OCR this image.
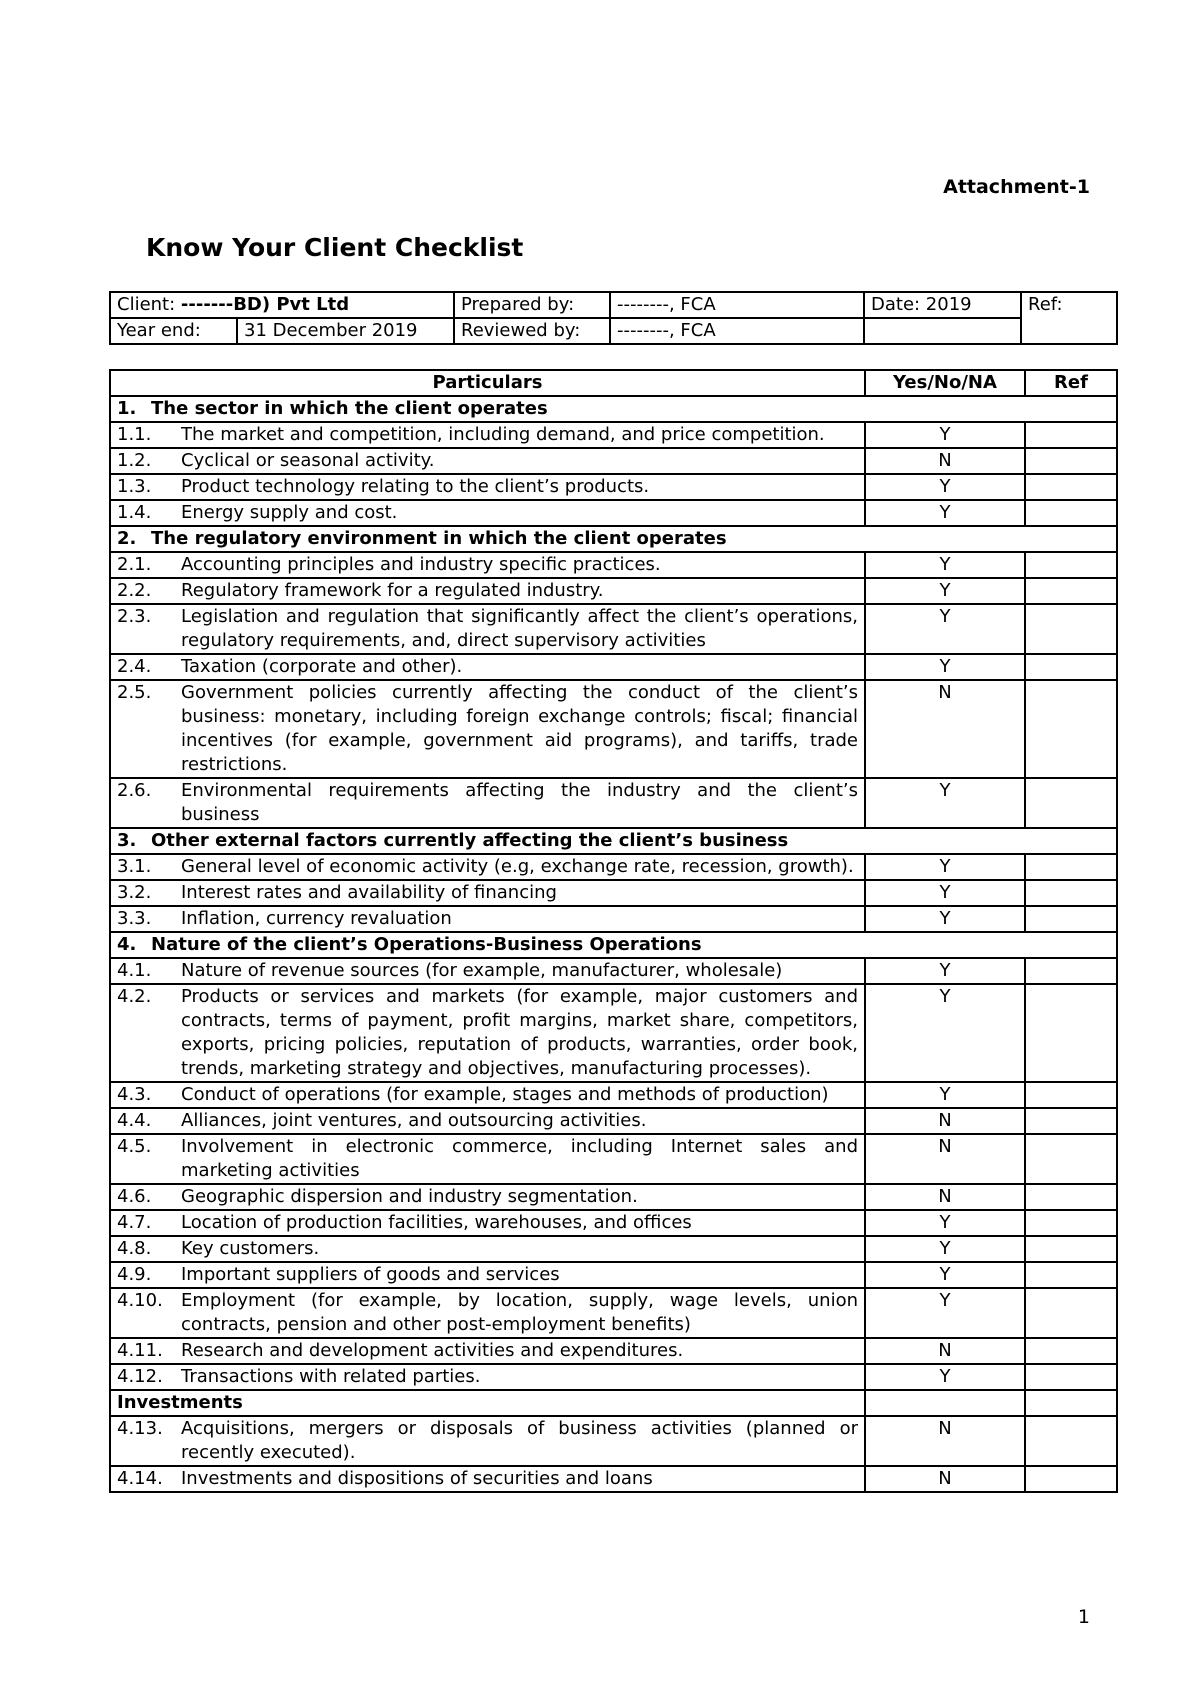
Attachment-1
Know Your Client Checklist
Client: -------BD) Pvt Ltd		Prepared by:	--------, FCA	Date: 2019	Ref:
Year end:	31 December 2019	Reviewed by:	--------, FCA		
Particulars	Yes/No/NA	Ref
1. The sector in which the client operates		

1.1. The market and competition, including demand, and price competition.	Y	

1.2. Cyclical or seasonal activity.	N	

1.3. Product technology relating to the client’s products.	Y	

1.4. Energy supply and cost.	Y	
2. The regulatory environment in which the client operates		

2.1. Accounting principles and industry specific practices.	Y	

2.2. Regulatory framework for a regulated industry.	Y	

2.3. Legislation and regulation that significantly affect the client’s operations, regulatory requirements, and, direct supervisory activities	Y	

2.4. Taxation (corporate and other).	Y	

2.5. Government policies currently affecting the conduct of the client’s business: monetary, including foreign exchange controls; fiscal; financial incentives (for example, government aid programs), and tariffs, trade restrictions.	N	

2.6. Environmental requirements affecting the industry and the client’s business	Y	
3. Other external factors currently affecting the client’s business		

3.1. General level of economic activity (e.g, exchange rate, recession, growth).	Y	

3.2. Interest rates and availability of financing	Y	

3.3. Inflation, currency revaluation	Y	
4. Nature of the client’s Operations-Business Operations		

4.1. Nature of revenue sources (for example, manufacturer, wholesale)	Y	

4.2. Products or services and markets (for example, major customers and contracts, terms of payment, profit margins, market share, competitors, exports, pricing policies, reputation of products, warranties, order book, trends, marketing strategy and objectives, manufacturing processes).	Y	

4.3. Conduct of operations (for example, stages and methods of production)	Y	

4.4. Alliances, joint ventures, and outsourcing activities.	N	

4.5. Involvement in electronic commerce, including Internet sales and marketing activities	N	

4.6. Geographic dispersion and industry segmentation.	N	

4.7. Location of production facilities, warehouses, and offices	Y	

4.8. Key customers.	Y	

4.9. Important suppliers of goods and services	Y	

4.10. Employment (for example, by location, supply, wage levels, union contracts, pension and other post-employment benefits)	Y	

4.11. Research and development activities and expenditures.	N	

4.12. Transactions with related parties.	Y	
Investments		

4.13. Acquisitions, mergers or disposals of business activities (planned or recently executed).	N	

4.14. Investments and dispositions of securities and loans	N	
1
